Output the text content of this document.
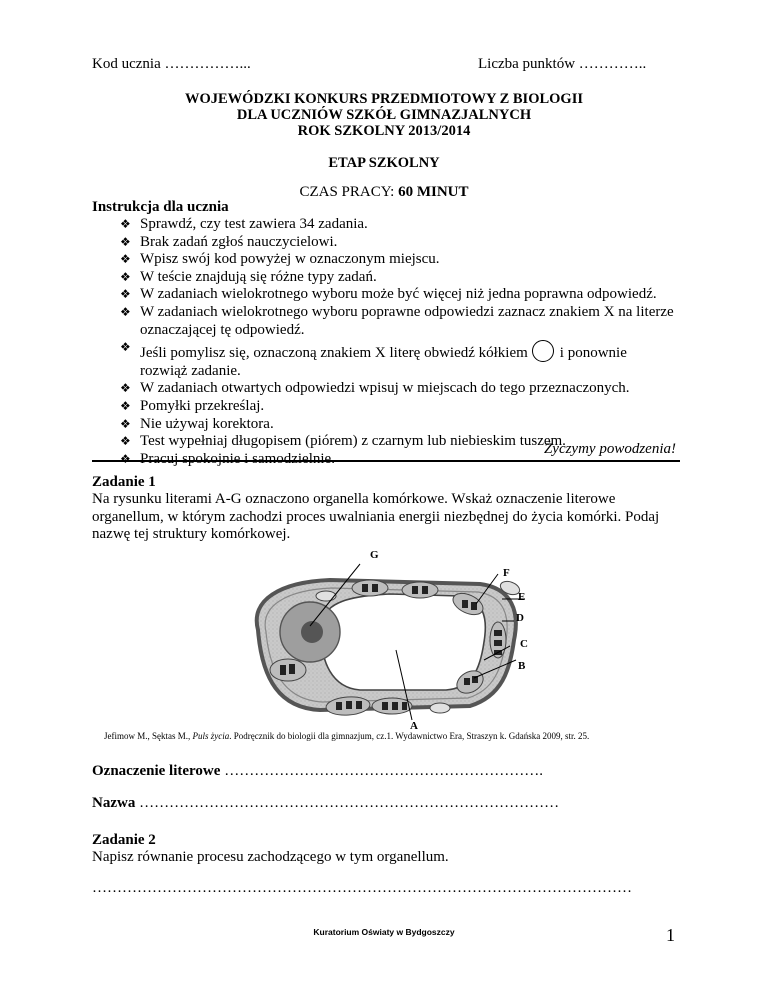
Kod ucznia ……………...	Liczba punktów …………..
WOJEWÓDZKI KONKURS PRZEDMIOTOWY Z BIOLOGII
DLA UCZNIÓW SZKÓŁ GIMNAZJALNYCH
ROK SZKOLNY 2013/2014
ETAP SZKOLNY
CZAS PRACY: 60 MINUT
Instrukcja dla ucznia
❖ Sprawdź, czy test zawiera 34 zadania.
❖ Brak zadań zgłoś nauczycielowi.
❖ Wpisz swój kod powyżej w oznaczonym miejscu.
❖ W teście znajdują się różne typy zadań.
❖ W zadaniach wielokrotnego wyboru może być więcej niż jedna poprawna odpowiedź.
❖ W zadaniach wielokrotnego wyboru poprawne odpowiedzi zaznacz znakiem X na literze oznaczającej tę odpowiedź.
❖ Jeśli pomylisz się, oznaczoną znakiem X literę obwiedź kółkiem i ponownie
rozwiąż zadanie.
❖ W zadaniach otwartych odpowiedzi wpisuj w miejscach do tego przeznaczonych.
❖ Pomyłki przekreślaj.
❖ Nie używaj korektora.
❖ Test wypełniaj długopisem (piórem) z czarnym lub niebieskim tuszem.
❖ Pracuj spokojnie i samodzielnie.
Życzymy powodzenia!
Zadanie 1
Na rysunku literami A-G oznaczono organella komórkowe. Wskaż oznaczenie literowe organellum, w którym zachodzi proces uwalniania energii niezbędnej do życia komórki. Podaj nazwę tej struktury komórkowej.
G
F
E
D
C
B
A
Jefimow M., Sęktas M., Puls życia. Podręcznik do biologii dla gimnazjum, cz.1. Wydawnictwo Era, Straszyn k. Gdańska 2009, str. 25.
Oznaczenie literowe ……………………………………………………….
Nazwa …………………………………………………………………………
Zadanie 2
Napisz równanie procesu zachodzącego w tym organellum.
………………………………………………………………………………………………
Kuratorium Oświaty w Bydgoszczy	1
